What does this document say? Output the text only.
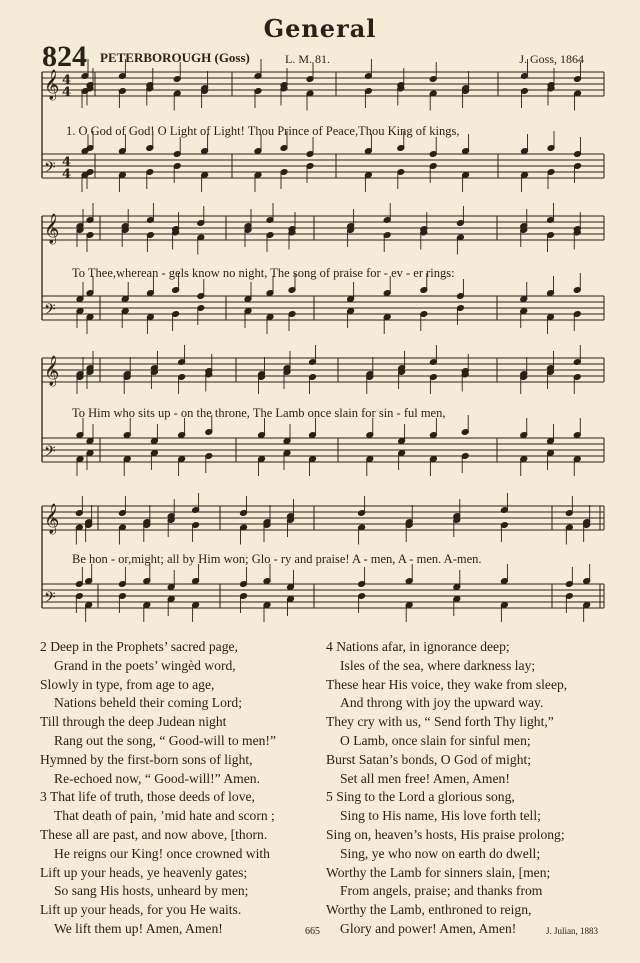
General
824 PETERBOROUGH (Goss)	L. M. 81.	J. Goss, 1864
𝄞
𝄢
4
4
4
4
𝄞
𝄢
𝄞
𝄢
𝄞
𝄢
1. O God of God! O Light of Light! Thou Prince of Peace,Thou King of kings,
To Thee,wherean - gels know no night, The song of praise for - ev - er rings:
To Him who sits up - on the throne, The Lamb once slain for sin - ful men,
Be hon - or,might; all by Him won; Glo - ry and praise! A - men, A - men. A-men.
2 Deep in the Prophets’ sacred page,
Grand in the poets’ wingèd word,
Slowly in type, from age to age,
Nations beheld their coming Lord;
Till through the deep Judean night
Rang out the song, “ Good-will to men!”
Hymned by the first-born sons of light,
Re-echoed now, “ Good-will!” Amen.
3 That life of truth, those deeds of love,
That death of pain, ’mid hate and scorn ;
These all are past, and now above, [thorn.
He reigns our King! once crowned with
Lift up your heads, ye heavenly gates;
So sang His hosts, unheard by men;
Lift up your heads, for you He waits.
We lift them up! Amen, Amen!
4 Nations afar, in ignorance deep;
Isles of the sea, where darkness lay;
These hear His voice, they wake from sleep,
And throng with joy the upward way.
They cry with us, “ Send forth Thy light,”
O Lamb, once slain for sinful men;
Burst Satan’s bonds, O God of might;
Set all men free! Amen, Amen!
5 Sing to the Lord a glorious song,
Sing to His name, His love forth tell;
Sing on, heaven’s hosts, His praise prolong;
Sing, ye who now on earth do dwell;
Worthy the Lamb for sinners slain, [men;
From angels, praise; and thanks from
Worthy the Lamb, enthroned to reign,
Glory and power! Amen, Amen!
665	J. Julian, 1883
